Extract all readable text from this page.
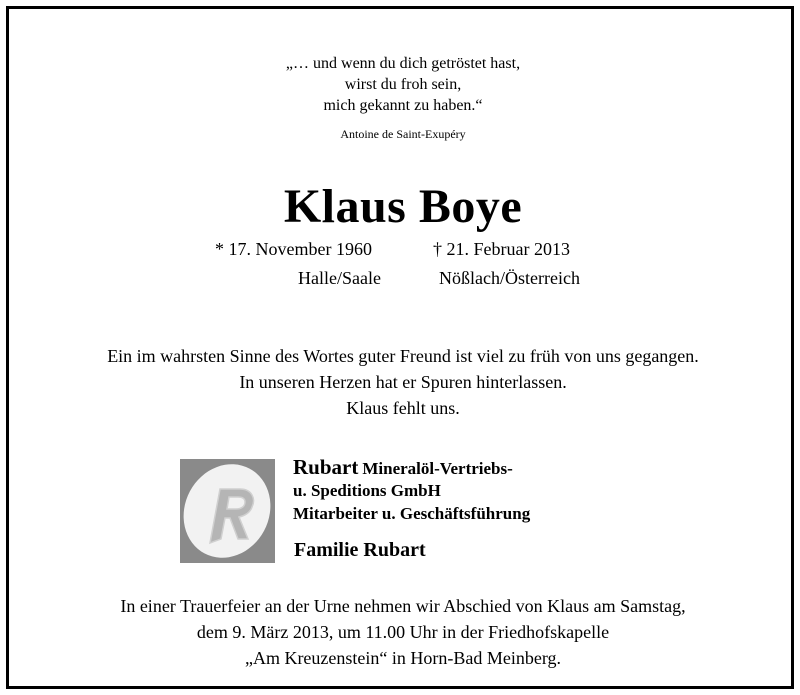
„… und wenn du dich getröstet hast,
wirst du froh sein,
mich gekannt zu haben.“
Antoine de Saint-Exupéry
Klaus Boye
* 17. November 1960	† 21. Februar 2013
Halle/Saale	Nößlach/Österreich
Ein im wahrsten Sinne des Wortes guter Freund ist viel zu früh von uns gegangen.
In unseren Herzen hat er Spuren hinterlassen.
Klaus fehlt uns.
Rubart Mineralöl-Vertriebs-
u. Speditions GmbH
Mitarbeiter u. Geschäftsführung
Familie Rubart
In einer Trauerfeier an der Urne nehmen wir Abschied von Klaus am Samstag,
dem 9. März 2013, um 11.00 Uhr in der Friedhofskapelle
„Am Kreuzenstein“ in Horn-Bad Meinberg.
